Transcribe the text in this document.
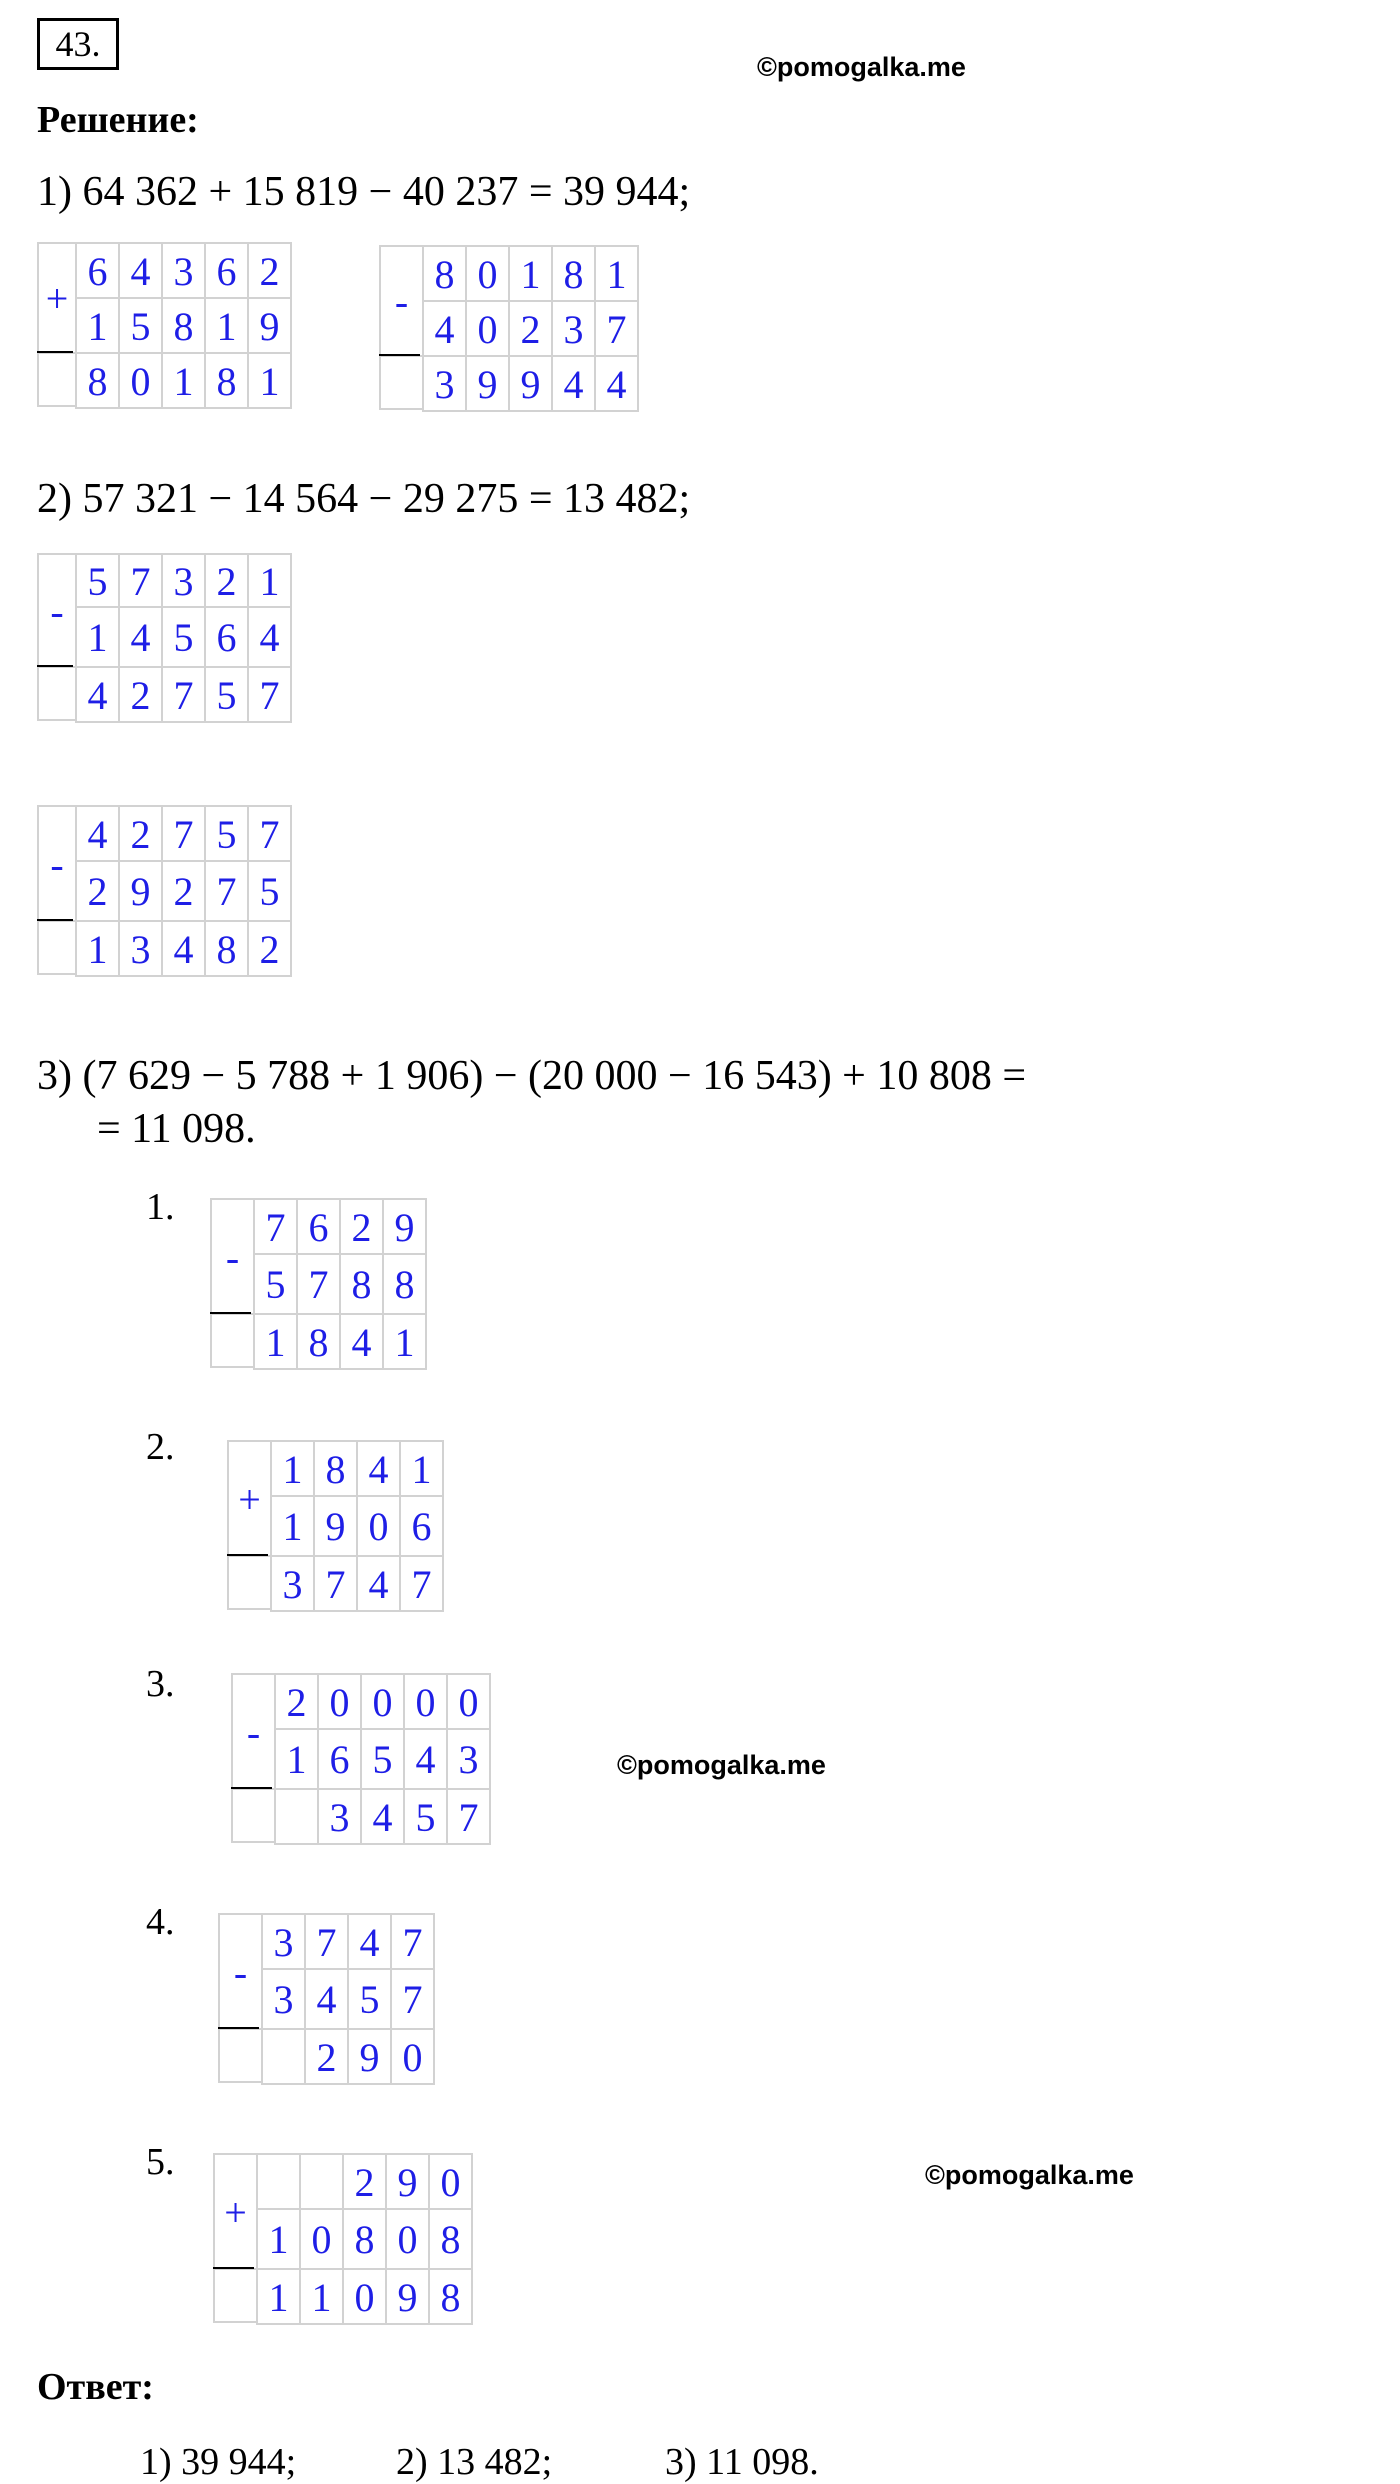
43.
©pomogalka.me
Решение:
1) 64 362 + 15 819 − 40 237 = 39 944;
+
6 4 3 6 2
1 5 8 1 9
8 0 1 8 1
-
8 0 1 8 1
4 0 2 3 7
3 9 9 4 4
2) 57 321 − 14 564 − 29 275 = 13 482;
-
5 7 3 2 1
1 4 5 6 4
4 2 7 5 7
-
4 2 7 5 7
2 9 2 7 5
1 3 4 8 2
3) (7 629 − 5 788 + 1 906) − (20 000 − 16 543) + 10 808 =
= 11 098.
1.
-
7 6 2 9
5 7 8 8
1 8 4 1
2.
+
1 8 4 1
1 9 0 6
3 7 4 7
3.
-
2 0 0 0 0
1 6 5 4 3
3 4 5 7
©pomogalka.me
4.
-
3 7 4 7
3 4 5 7
2 9 0
5.
+
2 9 0
1 0 8 0 8
1 1 0 9 8
©pomogalka.me
Ответ:
1) 39 944;	2) 13 482;	3) 11 098.
